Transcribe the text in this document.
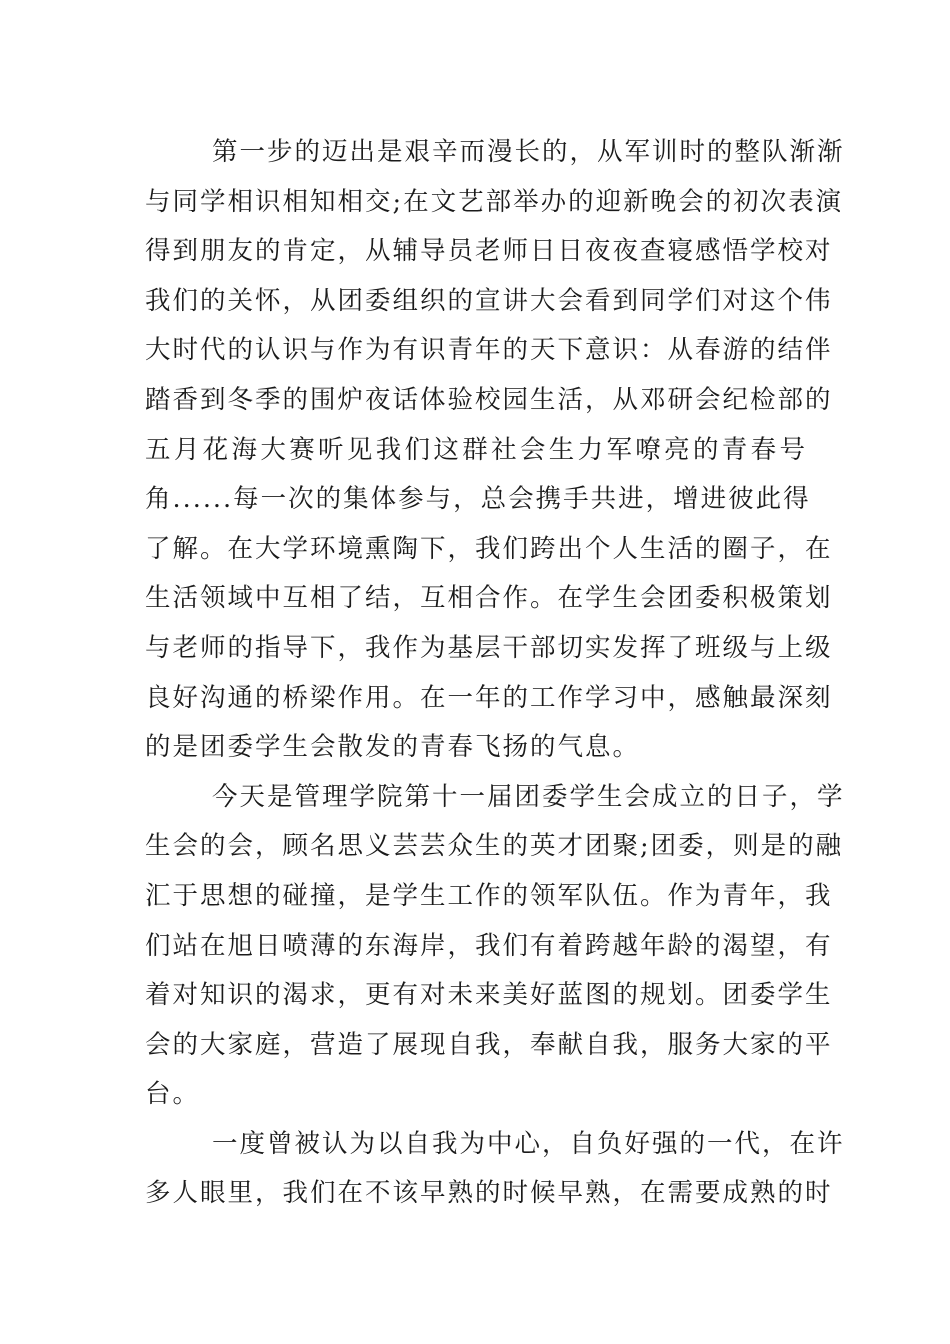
第一步的迈出是艰辛而漫长的，从军训时的整队渐渐
与同学相识相知相交;在文艺部举办的迎新晚会的初次表演
得到朋友的肯定，从辅导员老师日日夜夜查寝感悟学校对
我们的关怀，从团委组织的宣讲大会看到同学们对这个伟
大时代的认识与作为有识青年的天下意识：从春游的结伴
踏香到冬季的围炉夜话体验校园生活，从邓研会纪检部的
五月花海大赛听见我们这群社会生力军嘹亮的青春号
角......每一次的集体参与，总会携手共进，增进彼此得
了解。在大学环境熏陶下，我们跨出个人生活的圈子，在
生活领域中互相了结，互相合作。在学生会团委积极策划
与老师的指导下，我作为基层干部切实发挥了班级与上级
良好沟通的桥梁作用。在一年的工作学习中，感触最深刻
的是团委学生会散发的青春飞扬的气息。
今天是管理学院第十一届团委学生会成立的日子，学
生会的会，顾名思义芸芸众生的英才团聚;团委，则是的融
汇于思想的碰撞，是学生工作的领军队伍。作为青年，我
们站在旭日喷薄的东海岸，我们有着跨越年龄的渴望，有
着对知识的渴求，更有对未来美好蓝图的规划。团委学生
会的大家庭，营造了展现自我，奉献自我，服务大家的平
台。
一度曾被认为以自我为中心，自负好强的一代，在许
多人眼里，我们在不该早熟的时候早熟，在需要成熟的时
